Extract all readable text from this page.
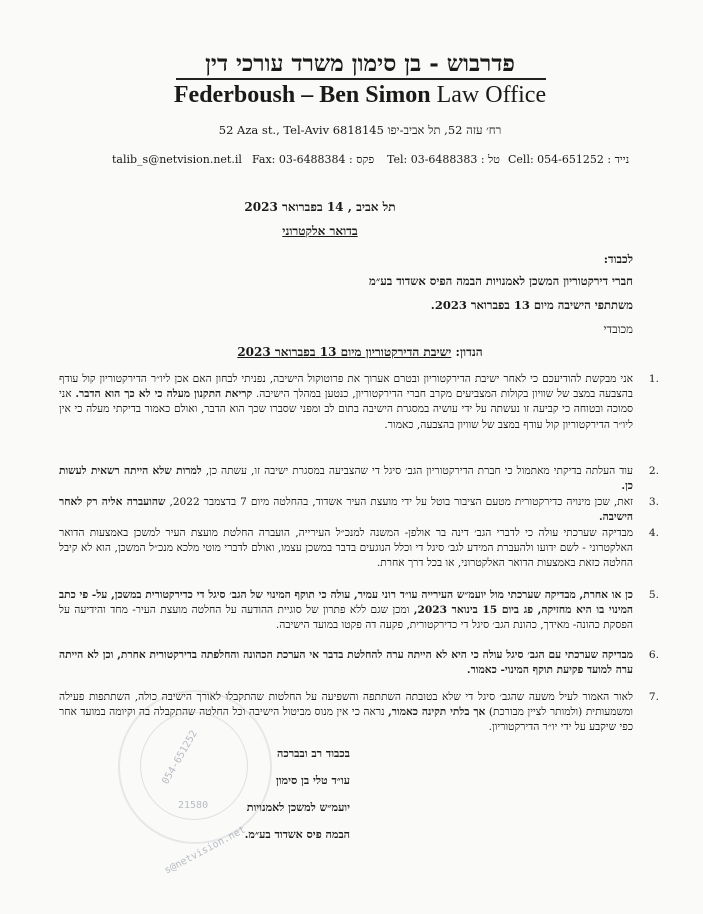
פדרבוש - בן סימון משרד עורכי דין
Federboush – Ben Simon Law Office
52 Aza st., Tel-Aviv 6818145 רח׳ עזה 52, תל אביב-יפו
talib_s@netvision.net.il Fax: 03-6488384 : פקס Tel: 03-6488383 : טל Cell: 054-651252 : נייד
תל אביב , 14 בפברואר 2023
בדואר אלקטרוני
לכבוד:
חברי דירקטוריון המשכן לאמנויות הבמה הפיס אשדוד בע״מ
משתתפי הישיבה מיום 13 בפברואר 2023.
מכובדי
הנדון: ישיבת הדירקטוריון מיום 13 בפברואר 2023
.1
אני מבקשת להודיעכם כי לאחר ישיבת הדירקטוריון ובטרם אערוך את פרוטוקול הישיבה, נפניתי לבחון האם אכן ליו״ר הדירקטוריון קול עודף בהצבעה במצב של שוויון בקולות המצביעים מקרב חברי הדירקטוריון, כנטען במהלך הישיבה. קריאת התקנון מעלה כי לא כך הוא הדבר. אני סמוכה ובטוחה כי קביעה זו נעשתה על ידי עושיה במסגרת הישיבה בתום לב ומפני שסברו שכך הוא הדבר, ואולם כאמור בדיקתי מעלה כי אין ליו״ר הדירקטוריון קול עודף במצב של שוויון בהצבעה, כאמור.
.2
עוד העלתה בדיקתי מאתמול כי חברת הדירקטוריון הגב׳ סיגל די שהצביעה במסגרת ישיבה זו, עשתה כן, למרות שלא הייתה רשאית לעשות כן.
.3
זאת, שכן מינויה כדירקטורית מטעם הציבור בוטל על ידי מועצת העיר אשדוד, בהחלטה מיום 7 בדצמבר 2022, שהועברה אליה רק לאחר הישיבה.
.4
מבדיקה שערכתי עולה כי לדברי הגב׳ דינה בר אולפן- המשנה למנכ״ל העירייה, הועברה החלטת מועצת העיר למשכן באמצעות הדואר האלקטרוני - לשם ידועו ולהעברת המידע לגב׳ סיגל די וכלל הנוגעים בדבר במשכן עצמו, ואולם לדברי מוטי מלכא מנכ״ל המשכן, הוא לא קיבל החלטה כזאת באמצעות הדואר האלקטרוני, או בכל דרך אחרת.
.5
כן או אחרת, מבדיקה שערכתי מול יועמ״ש העירייה עו״ד רוני עמיר, עולה כי תוקף המינוי של הגב׳ סיגל די כדירקטורית במשכן, על- פי כתב המינוי בו היא מחזיקה, פג ביום 15 בינואר 2023, ומכן שגם ללא פתרון של סוגיית ההודעה על החלטה מועצת העיר- מחד והידיעה על הפסקת כהונה- מאידך, כהונת הגב׳ סיגל די כדירקטורית, פקעה דה פקטו במועד הישיבה.
.6
מבדיקה שערכתי עם הגב׳ סיגל עולה כי היא לא הייתה ערה להחלטת בדבר אי הערכת הכהונה והחלפתה בדירקטורית אחרת, וכן לא הייתה ערה למועד פקיעת תוקף המינוי- כאמור.
.7
לאור האמור לעיל משעה שהגב׳ סיגל די שלא בטובתה השתתפה והשפיעה על החלטות שהתקבלו לאורך הישיבה כולה, השתתפות פעילה ומשמעותית (ולמותר לציין מבורכת) אך בלתי תקינה כאמור, נראה כי אין מנוס מביטול הישיבה וכל החלטה שהתקבלה בה וקיומה במועד אחר כפי שיקבע על ידי יו״ר הדירקטוריון.
054-651252
21580
s@netvision.net
בכבוד רב ובברכה
עו״ד טלי בן סימון
יועמ״ש למשכן לאמנויות
הבמה פיס אשדוד בע״מ.
